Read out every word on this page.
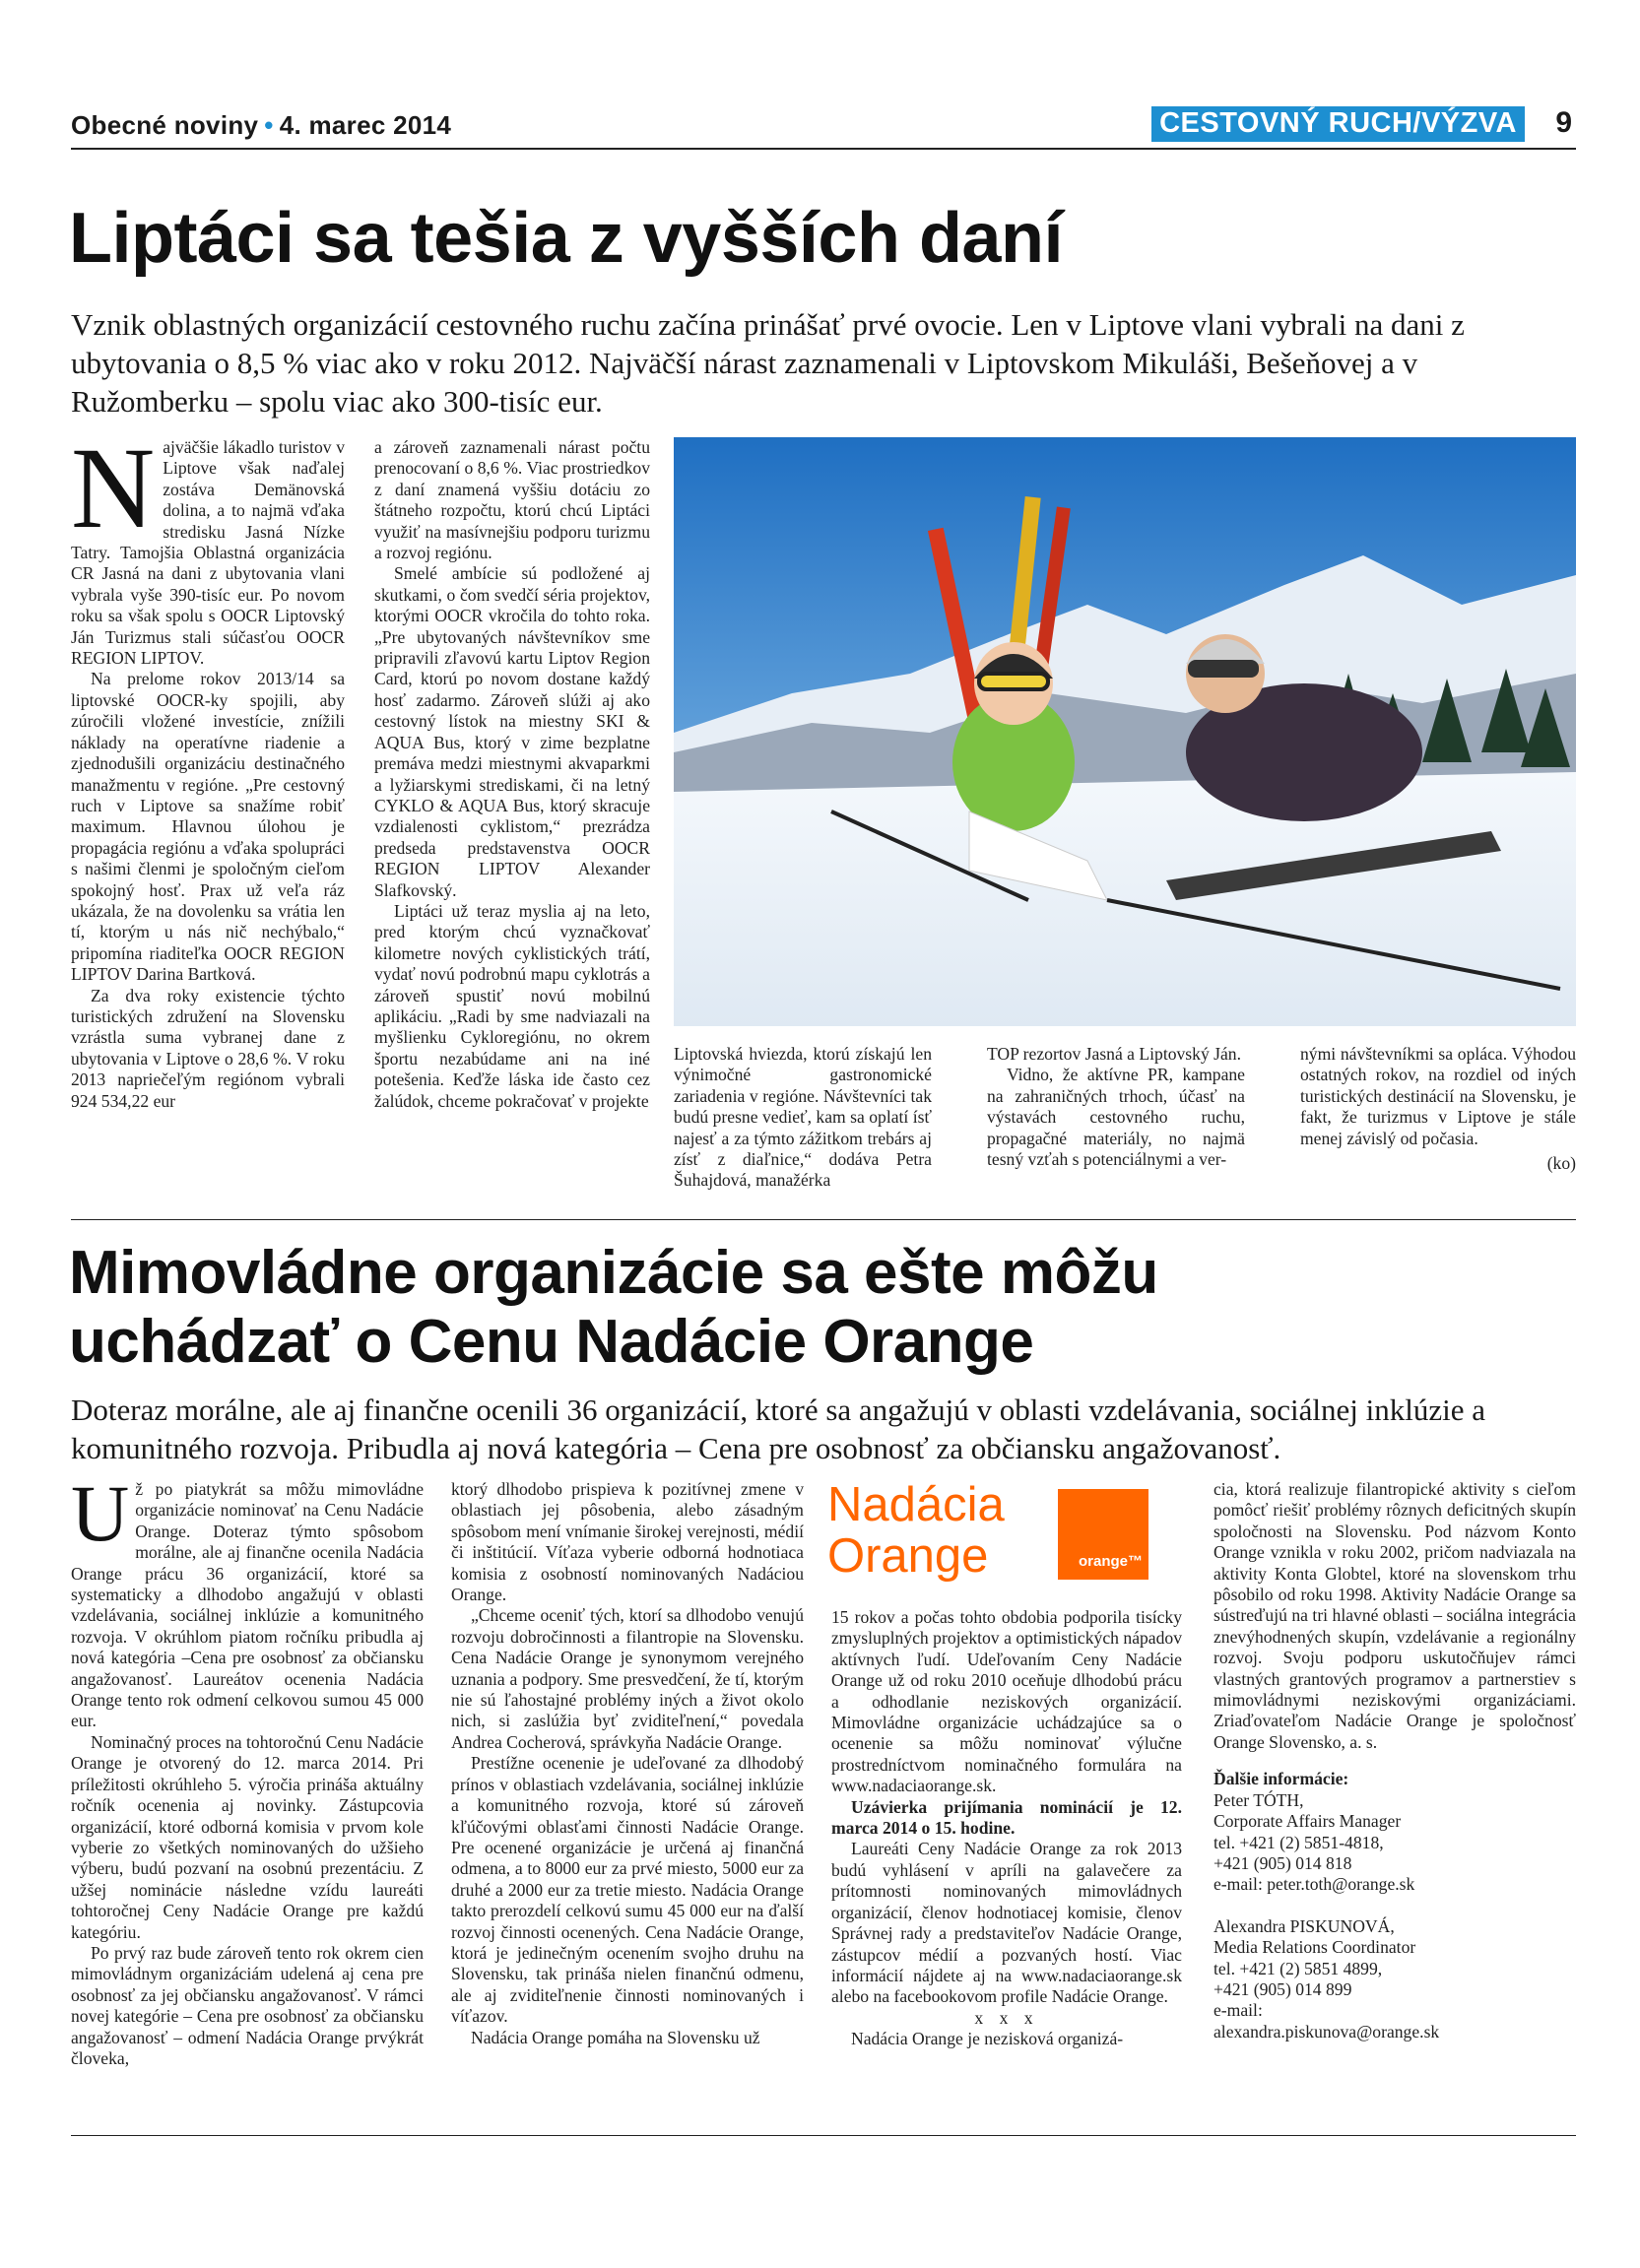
Obecné noviny • 4. marec 2014	CESTOVNÝ RUCH/VÝZVA 9
Liptáci sa tešia z vyšších daní
Vznik oblastných organizácií cestovného ruchu začína prinášať prvé ovocie. Len v Liptove vlani vybrali na dani z ubytovania o 8,5 % viac ako v roku 2012. Najväčší nárast zaznamenali v Liptovskom Mikuláši, Bešeňovej a v Ružomberku – spolu viac ako 300-tisíc eur.

Najväčšie lákadlo turistov v Liptove však naďalej zostáva Demänovská dolina, a to najmä vďaka stredisku Jasná Nízke Tatry. Tamojšia Oblastná organizácia CR Jasná na dani z ubytovania vlani vybrala vyše 390-tisíc eur. Po novom roku sa však spolu s OOCR Liptovský Ján Turizmus stali súčasťou OOCR REGION LIPTOV.

Na prelome rokov 2013/14 sa liptovské OOCR-ky spojili, aby zúročili vložené investície, znížili náklady na operatívne riadenie a zjednodušili organizáciu destinačného manažmentu v regióne. „Pre cestovný ruch v Liptove sa snažíme robiť maximum. Hlavnou úlohou je propagácia regiónu a vďaka spolupráci s našimi členmi je spoločným cieľom spokojný hosť. Prax už veľa ráz ukázala, že na dovolenku sa vrátia len tí, ktorým u nás nič nechýbalo,“ pripomína riaditeľka OOCR REGION LIPTOV Darina Bartková.

Za dva roky existencie týchto turistických združení na Slovensku vzrástla suma vybranej dane z ubytovania v Liptove o 28,6 %. V roku 2013 napriečeľým regiónom vybrali 924 534,22 eur

a zároveň zaznamenali nárast počtu prenocovaní o 8,6 %. Viac prostriedkov z daní znamená vyššiu dotáciu zo štátneho rozpočtu, ktorú chcú Liptáci využiť na masívnejšiu podporu turizmu a rozvoj regiónu.

Smelé ambície sú podložené aj skutkami, o čom svedčí séria projektov, ktorými OOCR vkročila do tohto roka. „Pre ubytovaných návštevníkov sme pripravili zľavovú kartu Liptov Region Card, ktorú po novom dostane každý hosť zadarmo. Zároveň slúži aj ako cestovný lístok na miestny SKI & AQUA Bus, ktorý v zime bezplatne premáva medzi miestnymi akvaparkmi a lyžiarskymi strediskami, či na letný CYKLO & AQUA Bus, ktorý skracuje vzdialenosti cyklistom,“ prezrádza predseda predstavenstva OOCR REGION LIPTOV Alexander Slafkovský.

Liptáci už teraz myslia aj na leto, pred ktorým chcú vyznačkovať kilometre nových cyklistických trátí, vydať novú podrobnú mapu cyklotrás a zároveň spustiť novú mobilnú aplikáciu. „Radi by sme nadviazali na myšlienku Cykloregiónu, no okrem športu nezabúdame ani na iné potešenia. Keďže láska ide často cez žalúdok, chceme pokračovať v projekte

Liptovská hviezda, ktorú získajú len výnimočné gastronomické zariadenia v regióne. Návštevníci tak budú presne vedieť, kam sa oplatí ísť najesť a za týmto zážitkom trebárs aj zísť z diaľnice,“ dodáva Petra Šuhajdová, manažérka

TOP rezortov Jasná a Liptovský Ján.

Vidno, že aktívne PR, kampane na zahraničných trhoch, účasť na výstavách cestovného ruchu, propagačné materiály, no najmä tesný vzťah s potenciálnymi a ver-

nými návštevníkmi sa opláca. Výhodou ostatných rokov, na rozdiel od iných turistických destinácií na Slovensku, je fakt, že turizmus v Liptove je stále menej závislý od počasia.

(ko)

Mimovládne organizácie sa ešte môžu
uchádzať o Cenu Nadácie Orange
Doteraz morálne, ale aj finančne ocenili 36 organizácií, ktoré sa angažujú v oblasti vzdelávania, sociálnej inklúzie a komunitného rozvoja. Pribudla aj nová kategória – Cena pre osobnosť za občiansku angažovanosť.

Už po piatykrát sa môžu mimovládne organizácie nominovať na Cenu Nadácie Orange. Doteraz týmto spôsobom morálne, ale aj finančne ocenila Nadácia Orange prácu 36 organizácií, ktoré sa systematicky a dlhodobo angažujú v oblasti vzdelávania, sociálnej inklúzie a komunitného rozvoja. V okrúhlom piatom ročníku pribudla aj nová kategória –Cena pre osobnosť za občiansku angažovanosť. Laureátov ocenenia Nadácia Orange tento rok odmení celkovou sumou 45 000 eur.

Nominačný proces na tohtoročnú Cenu Nadácie Orange je otvorený do 12. marca 2014. Pri príležitosti okrúhleho 5. výročia prináša aktuálny ročník ocenenia aj novinky. Zástupcovia organizácií, ktoré odborná komisia v prvom kole vyberie zo všetkých nominovaných do užšieho výberu, budú pozvaní na osobnú prezentáciu. Z užšej nominácie následne vzídu laureáti tohtoročnej Ceny Nadácie Orange pre každú kategóriu.

Po prvý raz bude zároveň tento rok okrem cien mimovládnym organizáciám udelená aj cena pre osobnosť za jej občiansku angažovanosť. V rámci novej kategórie – Cena pre osobnosť za občiansku angažovanosť – odmení Nadácia Orange prvýkrát človeka,

ktorý dlhodobo prispieva k pozitívnej zmene v oblastiach jej pôsobenia, alebo zásadným spôsobom mení vnímanie širokej verejnosti, médií či inštitúcií. Víťaza vyberie odborná hodnotiaca komisia z osobností nominovaných Nadáciou Orange.

„Chceme oceniť tých, ktorí sa dlhodobo venujú rozvoju dobročinnosti a filantropie na Slovensku. Cena Nadácie Orange je synonymom verejného uznania a podpory. Sme presvedčení, že tí, ktorým nie sú ľahostajné problémy iných a život okolo nich, si zaslúžia byť zviditeľnení,“ povedala Andrea Cocherová, správkyňa Nadácie Orange.

Prestížne ocenenie je udeľované za dlhodobý prínos v oblastiach vzdelávania, sociálnej inklúzie a komunitného rozvoja, ktoré sú zároveň kľúčovými oblasťami činnosti Nadácie Orange. Pre ocenené organizácie je určená aj finančná odmena, a to 8000 eur za prvé miesto, 5000 eur za druhé a 2000 eur za tretie miesto. Nadácia Orange takto prerozdelí celkovú sumu 45 000 eur na ďalší rozvoj činnosti ocenených. Cena Nadácie Orange, ktorá je jedinečným ocenením svojho druhu na Slovensku, tak prináša nielen finančnú odmenu, ale aj zviditeľnenie činnosti nominovaných i víťazov.

Nadácia Orange pomáha na Slovensku už

Nadácia
Orange	orange™

15 rokov a počas tohto obdobia podporila tisícky zmysluplných projektov a optimistických nápadov aktívnych ľudí. Udeľovaním Ceny Nadácie Orange už od roku 2010 oceňuje dlhodobú prácu a odhodlanie neziskových organizácií. Mimovládne organizácie uchádzajúce sa o ocenenie sa môžu nominovať výlučne prostredníctvom nominačného formulára na www.nadaciaorange.sk.

Uzávierka prijímania nominácií je 12. marca 2014 o 15. hodine.

Laureáti Ceny Nadácie Orange za rok 2013 budú vyhlásení v apríli na galavečere za prítomnosti nominovaných mimovládnych organizácií, členov hodnotiacej komisie, členov Správnej rady a predstaviteľov Nadácie Orange, zástupcov médií a pozvaných hostí. Viac informácií nájdete aj na www.nadaciaorange.sk alebo na facebookovom profile Nadácie Orange.

x x x

Nadácia Orange je nezisková organizá-

cia, ktorá realizuje filantropické aktivity s cieľom pomôcť riešiť problémy rôznych deficitných skupín spoločnosti na Slovensku. Pod názvom Konto Orange vznikla v roku 2002, pričom nadviazala na aktivity Konta Globtel, ktoré na slovenskom trhu pôsobilo od roku 1998. Aktivity Nadácie Orange sa sústreďujú na tri hlavné oblasti – sociálna integrácia znevýhodnených skupín, vzdelávanie a regionálny rozvoj. Svoju podporu uskutočňujev rámci vlastných grantových programov a partnerstiev s mimovládnymi neziskovými organizáciami. Zriaďovateľom Nadácie Orange je spoločnosť Orange Slovensko, a. s.

Ďalšie informácie:

Peter TÓTH,

Corporate Affairs Manager

tel. +421 (2) 5851-4818,

+421 (905) 014 818

e-mail: peter.toth@orange.sk

Alexandra PISKUNOVÁ,

Media Relations Coordinator

tel. +421 (2) 5851 4899,

+421 (905) 014 899

e-mail:

alexandra.piskunova@orange.sk
